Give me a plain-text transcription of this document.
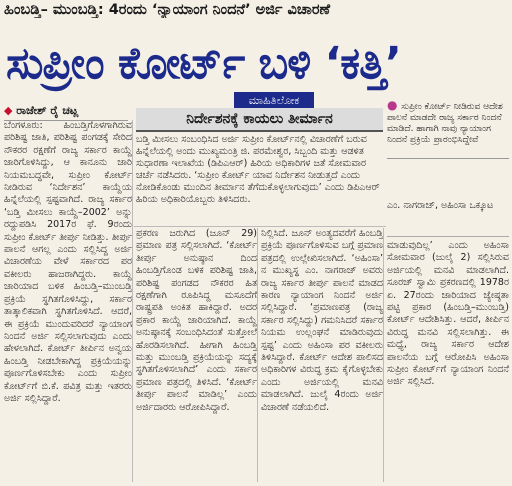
ಹಿಂಬಡ್ತಿ– ಮುಂಬಡ್ತಿ: 4ರಂದು ‘ನ್ಯಾಯಾಂಗ ನಿಂದನೆ’ ಅರ್ಜಿ ವಿಚಾರಣೆ
ಸುಪ್ರೀಂ ಕೋರ್ಟ್ ಬಳಿ ‘ಕತ್ತಿ’
ಮಾಹಿತಿಲೋಕ
◆ ರಾಜೇಶ್ ರೈ ಚಟ್ಲ
ನಿರ್ದೇಶನಕ್ಕೆ ಕಾಯಲು ತೀರ್ಮಾನ
● ಸುಪ್ರೀಂ ಕೋರ್ಟ್ ನೀಡಿರುವ ಆದೇಶ ಪಾಲನೆ ಮಾಡದೇ ರಾಜ್ಯ ಸರ್ಕಾರ ನಿಂದನೆ ಮಾಡಿದೆ. ಹಾಗಾಗಿ ನಾವು ನ್ಯಾಯಾಂಗ ನಿಂದನೆ ಪ್ರಕ್ರಿಯೆ ಪ್ರಾರಂಭಿಸಿದ್ದೇವೆ
ಎಂ. ನಾಗರಾಜ್, ಅಹಿಂಸಾ ಒಕ್ಕೂಟ
ಬೆಂಗಳೂರು: ಹಿಂಬಡ್ತಿಗೊಳಗಾಗಿರುವ ಪರಿಶಿಷ್ಟ ಜಾತಿ, ಪರಿಶಿಷ್ಟ ಪಂಗಡಕ್ಕೆ ಸೇರಿದ ನೌಕರರ ರಕ್ಷಣೆಗೆ ರಾಜ್ಯ ಸರ್ಕಾರ ಕಾಯ್ದೆ ಜಾರಿಗೊಳಿಸಿದ್ದು, ಆ ಕಾನೂನು ಜಾರಿ ನಿಯಮಬದ್ಧವೇ, ಸುಪ್ರೀಂ ಕೋರ್ಟ್ ನೀಡಿರುವ ‘ನಿರ್ದೇಶನ’ ಕಾಯ್ದೆಯ ಹಿನ್ನೆಲೆಯಲ್ಲಿ ಸ್ಪಷ್ಟವಾಗಿದೆ. ರಾಜ್ಯ ಸರ್ಕಾರ ‘ಬಡ್ತಿ ಮೀಸಲು ಕಾಯ್ದೆ–2002’ ಅನ್ನು ರದ್ದುಪಡಿಸಿ 2017ರ ಫೆ. 9ರಂದು ಸುಪ್ರೀಂ ಕೋರ್ಟ್ ತೀರ್ಪು ನೀಡಿತ್ತು. ತೀರ್ಪು ಪಾಲನೆ ಆಗಲ್ಲ ಎಂದು ಸಲ್ಲಿಸಿದ್ದ ಅರ್ಜಿ ವಿಚಾರಣೆಯ ವೇಳೆ ಸರ್ಕಾರದ ಪರ ವಕೀಲರು ಹಾಜರಾಗಿದ್ದರು. ಕಾಯ್ದೆ ಜಾರಿಯಾದ ಬಳಿಕ ಹಿಂಬಡ್ತಿ–ಮುಂಬಡ್ತಿ ಪ್ರಕ್ರಿಯೆ ಸ್ಥಗಿತಗೊಳಿಸಿದ್ದು, ಸರ್ಕಾರ ತಾತ್ಕಾಲಿಕವಾಗಿ ಸ್ಥಗಿತಗೊಳಿಸಿದೆ. ಆದರೆ, ಈ ಪ್ರಕ್ರಿಯೆ ಮುಂದುವರಿದರೆ ನ್ಯಾಯಾಂಗ ನಿಂದನೆ ಅರ್ಜಿ ಸಲ್ಲಿಸಲಾಗುವುದು ಎಂದು ಹೇಳಲಾಗಿದೆ. ಕೋರ್ಟ್ ತೀರ್ಪಿನ ಅನ್ವಯ ಹಿಂಬಡ್ತಿ ನೀಡಬೇಕಾಗಿದ್ದ ಪ್ರಕ್ರಿಯೆಯನ್ನು ಪೂರ್ಣಗೊಳಿಸಬೇಕು ಎಂದು ಸುಪ್ರೀಂ ಕೋರ್ಟ್‌ಗೆ ಬಿ.ಕೆ. ಪವಿತ್ರ ಮತ್ತು ಇತರರು ಅರ್ಜಿ ಸಲ್ಲಿಸಿದ್ದಾರೆ.
ಬಡ್ತಿ ಮೀಸಲು ಸಂಬಂಧಿಸಿದ ಅರ್ಜಿ ಸುಪ್ರೀಂ ಕೋರ್ಟ್‌ನಲ್ಲಿ ವಿಚಾರಣೆಗೆ ಬರುವ ಹಿನ್ನೆಲೆಯಲ್ಲಿ ಅಂದು ಮುಖ್ಯಮಂತ್ರಿ ಜಿ. ಪರಮೇಶ್ವರ, ಸಿಬ್ಬಂದಿ ಮತ್ತು ಆಡಳಿತ ಸುಧಾರಣಾ ಇಲಾಖೆಯ (ಡಿಪಿಎಆರ್) ಹಿರಿಯ ಅಧಿಕಾರಿಗಳ ಜತೆ ಸೋಮವಾರ ಚರ್ಚೆ ನಡೆಸಿದರು. ‘ಸುಪ್ರೀಂ ಕೋರ್ಟ್ ಯಾವ ನಿರ್ದೇಶನ ನೀಡುತ್ತದೆ ಎಂದು ನೋಡಿಕೊಂಡು ಮುಂದಿನ ತೀರ್ಮಾನ ತೆಗೆದುಕೊಳ್ಳಲಾಗುವುದು’ ಎಂದು ಡಿಪಿಎಆರ್ ಹಿರಿಯ ಅಧಿಕಾರಿಯೊಬ್ಬರು ತಿಳಿಸಿದರು.
ಪ್ರಕರಣ ಜರುಗಿದ (ಜೂನ್ 29) ಪ್ರಮಾಣ ಪತ್ರ ಸಲ್ಲಿಸಲಾಗಿದೆ. ‘ಕೋರ್ಟ್ ತೀರ್ಪು ಅನುಷ್ಠಾನ ದಿಂದ ಹಿಂಬಡ್ತಿಗೊಂಡ ಬಳಿಕ ಪರಿಶಿಷ್ಟ ಜಾತಿ, ಪರಿಶಿಷ್ಟ ಪಂಗಡದ ನೌಕರರ ಹಿತ ರಕ್ಷಣೆಗಾಗಿ ರೂಪಿಸಿದ್ದ ಮಸೂದೆಗೆ ರಾಷ್ಟ್ರಪತಿ ಅಂಕಿತ ಹಾಕಿದ್ದಾರೆ. ಅದರ ಪ್ರಕಾರ ಕಾಯ್ದೆ ಜಾರಿಯಾಗಿದೆ. ಕಾಯ್ದೆ ಅನುಷ್ಠಾನಕ್ಕೆ ಸಂಬಂಧಿಸಿದಂತೆ ಸುತ್ತೋಲೆ ಹೊರಡಿಸಲಾಗಿದೆ. ಹೀಗಾಗಿ ಹಿಂಬಡ್ತಿ ಮತ್ತು ಮುಂಬಡ್ತಿ ಪ್ರಕ್ರಿಯೆಯನ್ನು ಸದ್ಯಕ್ಕೆ ಸ್ಥಗಿತಗೊಳಿಸಲಾಗಿದೆ’ ಎಂದು ಸರ್ಕಾರ ಪ್ರಮಾಣ ಪತ್ರದಲ್ಲಿ ತಿಳಿಸಿದೆ. ‘ಕೋರ್ಟ್ ತೀರ್ಪು ಪಾಲನೆ ಮಾಡಿಲ್ಲ’ ಎಂದು ಅರ್ಜಿದಾರರು ಆರೋಪಿಸಿದ್ದಾರೆ.
ನಿಲ್ಲಿಸಿದೆ. ಜೂನ್ ಅಂತ್ಯದವರೆಗೆ ಹಿಂಬಡ್ತಿ ಪ್ರಕ್ರಿಯೆ ಪೂರ್ಣಗೊಳಿಸುವ ಬಗ್ಗೆ ಪ್ರಮಾಣ ಪತ್ರದಲ್ಲಿ ಉಲ್ಲೇಖಿಸಲಾಗಿದೆ. ‘ಅಹಿಂಸಾ’ ನ ಮುಖ್ಯಸ್ಥ ಎಂ. ನಾಗರಾಜ್ ಅವರು ರಾಜ್ಯ ಸರ್ಕಾರ ತೀರ್ಪು ಪಾಲನೆ ಮಾಡದ ಕಾರಣ ನ್ಯಾಯಾಂಗ ನಿಂದನೆ ಅರ್ಜಿ ಸಲ್ಲಿಸಿದ್ದಾರೆ. ‘ಪ್ರಮಾಣಪತ್ರ (ರಾಜ್ಯ ಸರ್ಕಾರ ಸಲ್ಲಿಸಿದ್ದು) ಗಮನಿಸಿದರೆ ಸರ್ಕಾರ ನಿಯಮ ಉಲ್ಲಂಘನೆ ಮಾಡಿರುವುದು ಸ್ಪಷ್ಟ’ ಎಂದು ಅಹಿಂಸಾ ಪರ ವಕೀಲರು ತಿಳಿಸಿದ್ದಾರೆ. ಕೋರ್ಟ್ ಆದೇಶ ಪಾಲಿಸದ ಅಧಿಕಾರಿಗಳ ವಿರುದ್ಧ ಕ್ರಮ ಕೈಗೊಳ್ಳಬೇಕು ಎಂದು ಅರ್ಜಿಯಲ್ಲಿ ಮನವಿ ಮಾಡಲಾಗಿದೆ. ಜುಲೈ 4ರಂದು ಅರ್ಜಿ ವಿಚಾರಣೆ ನಡೆಯಲಿದೆ.
ಮಾಡುವುದಿಲ್ಲ’ ಎಂದು ಅಹಿಂಸಾ ಸೋಮವಾರ (ಜುಲೈ 2) ಸಲ್ಲಿಸಿರುವ ಅರ್ಜಿಯಲ್ಲಿ ಮನವಿ ಮಾಡಲಾಗಿದೆ. ಸೂರಜ್ ಸ್ವಾಮಿ ಪ್ರಕರಣದಲ್ಲಿ 1978ರ ಏ. 27ರಂದು ಜಾರಿಯಾದ ಜ್ಯೇಷ್ಠತಾ ಪಟ್ಟಿ ಪ್ರಕಾರ (ಹಿಂಬಡ್ತಿ–ಮುಂಬಡ್ತಿ) ಕೋರ್ಟ್ ಆದೇಶಿಸಿತ್ತು. ಆದರೆ, ತೀರ್ಪಿನ ವಿರುದ್ಧ ಮನವಿ ಸಲ್ಲಿಸಲಾಗಿತ್ತು. ಈ ಮಧ್ಯೆ, ರಾಜ್ಯ ಸರ್ಕಾರ ಆದೇಶ ಪಾಲನೆಯ ಬಗ್ಗೆ ಆರೋಪಿಸಿ ಅಹಿಂಸಾ ಸುಪ್ರೀಂ ಕೋರ್ಟ್‌ಗೆ ನ್ಯಾಯಾಂಗ ನಿಂದನೆ ಅರ್ಜಿ ಸಲ್ಲಿಸಿದೆ.
